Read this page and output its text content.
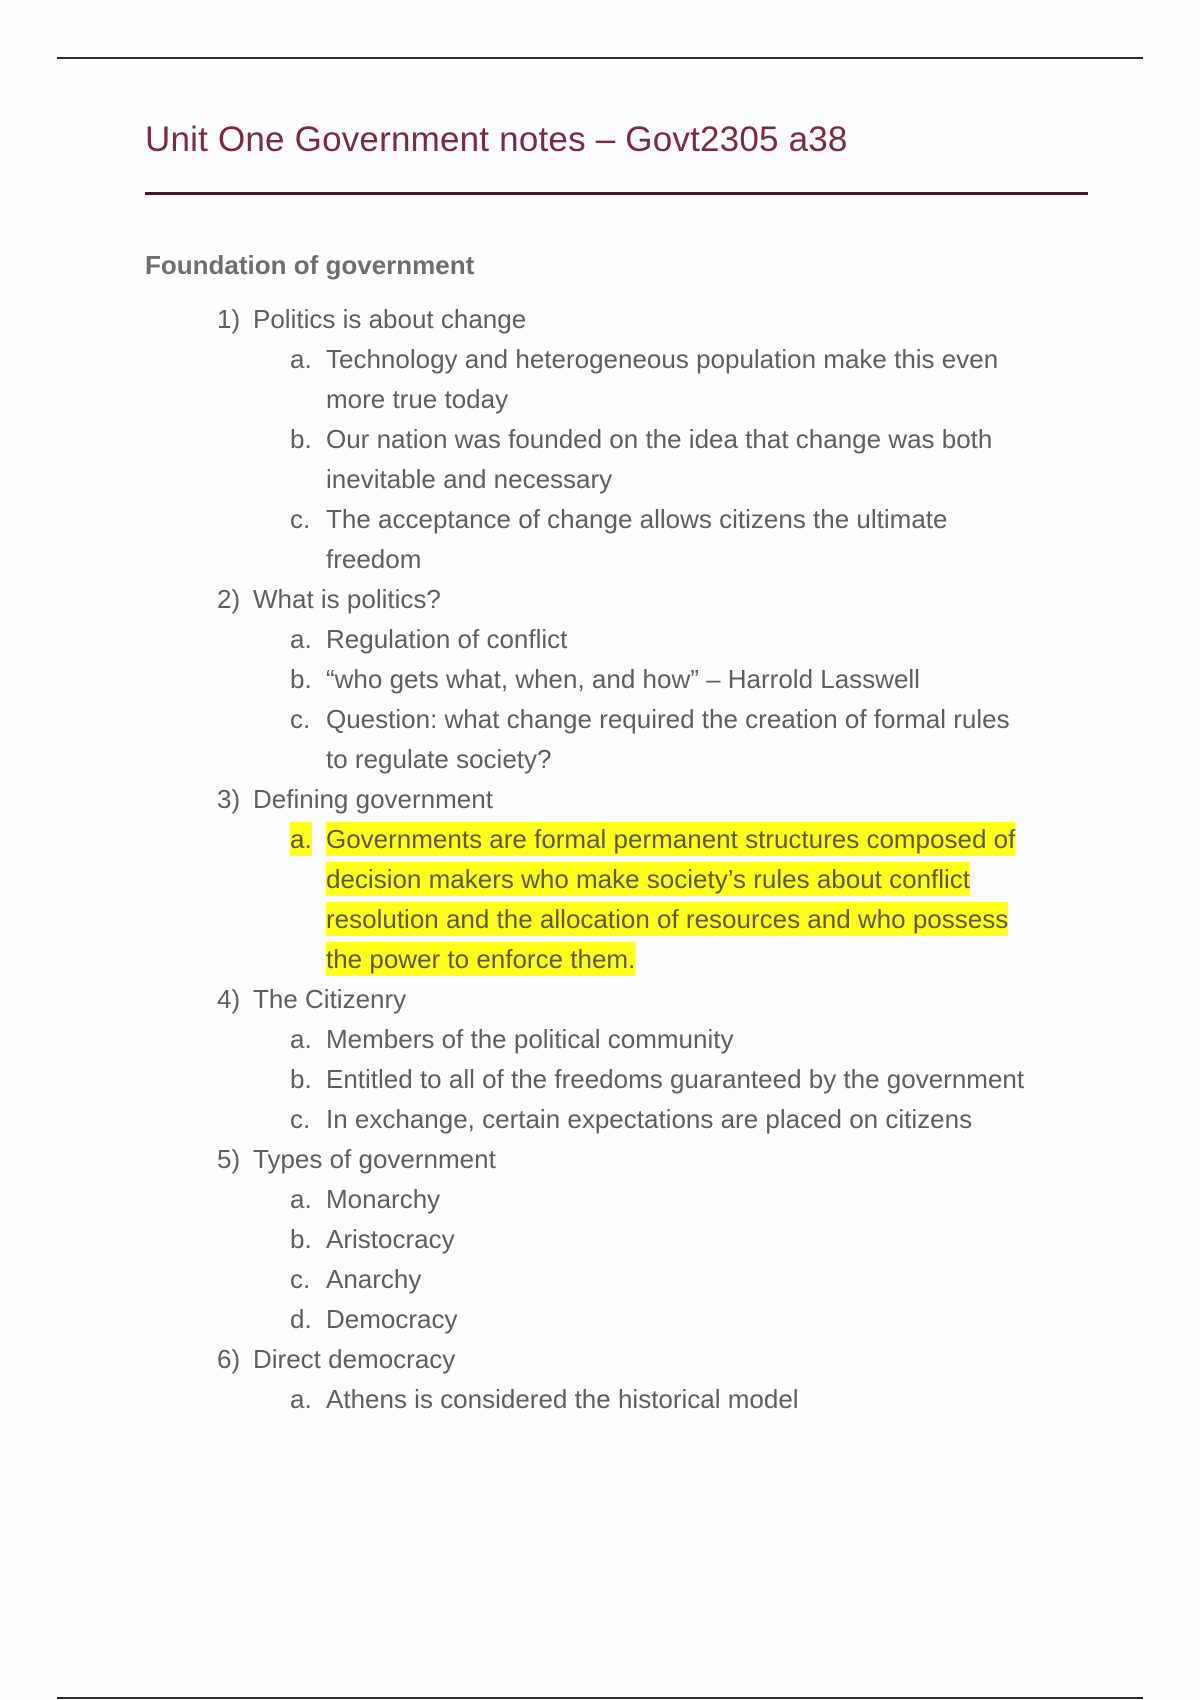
Unit One Government notes – Govt2305 a38
Foundation of government
1) Politics is about change
a. Technology and heterogeneous population make this even
more true today
b. Our nation was founded on the idea that change was both
inevitable and necessary
c. The acceptance of change allows citizens the ultimate
freedom
2) What is politics?
a. Regulation of conflict
b. “who gets what, when, and how” – Harrold Lasswell
c. Question: what change required the creation of formal rules
to regulate society?
3) Defining government
a. Governments are formal permanent structures composed of
decision makers who make society’s rules about conflict
resolution and the allocation of resources and who possess
the power to enforce them.
4) The Citizenry
a. Members of the political community
b. Entitled to all of the freedoms guaranteed by the government
c. In exchange, certain expectations are placed on citizens
5) Types of government
a. Monarchy
b. Aristocracy
c. Anarchy
d. Democracy
6) Direct democracy
a. Athens is considered the historical model
